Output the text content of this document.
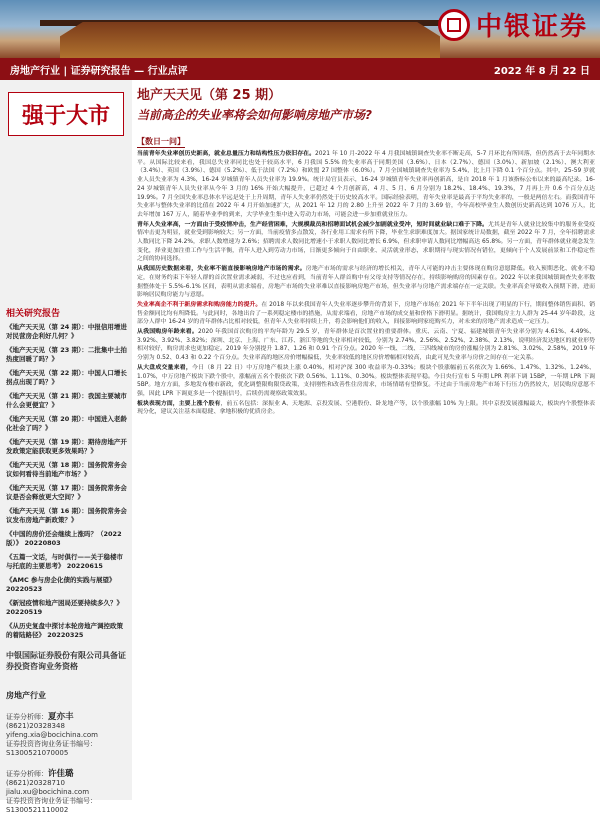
中银证券
房地产行业 | 证券研究报告 — 行业点评	2022 年 8 月 22 日
强于大市
相关研究报告
《地产天天见（第 24 期）：中报信用增进对民营房企利好几何？》
《地产天天见（第 23 期）：二批集中土拍热度回暖了吗？》
《地产天天见（第 22 期）：中国人口增长拐点出现了吗？》
《地产天天见（第 21 期）：我国主要城市什么会更便宜？》
《地产天天见（第 20 期）：中国进入老龄化社会了吗？》
《地产天天见（第 19 期）：期待房地产开发政策定能获取更多效果吗？》
《地产天天见（第 18 期）：国务院常务会议如何看待当前地产市场？》
《地产天天见（第 17 期）：国务院常务会议是否会释放更大空间？》
《地产天天见（第 16 期）：国务院常务会议发布房地产新政策？》
《中国的房价还会继续上涨吗？（2022 版）》 20220803
《五篇一文话，与时俱行——关于稳楼市与托底的主要思考》 20220615
《AMC 参与房企化债的实践与展望》 20220523
《新冠疫情和地产困局还要持续多久？》 20220519
《从历史复盘中探讨本轮房地产调控政策的着陆路径》 20220325
中银国际证券股份有限公司具备证券投资咨询业务资格
房地产行业
证券分析师：夏亦丰
(8621)20328348
yifeng.xia@bocichina.com
证券投资咨询业务证书编号：S1300521070005
证券分析师：许佳璐
(8621)20328710
jialu.xu@bocichina.com
证券投资咨询业务证书编号：S1300521110002
地产天天见（第 25 期）
当前高企的失业率将会如何影响房地产市场?
【数日一问】

当前青年失业率创历史新高，就业总量压力和结构性压力依旧存在。2021 年 10 月-2022 年 4 月我国城镇调查失业率不断走高，5-7 月环比有所回落，但仍然高于去年同期水平。从国际比较来看，我国总失业率同比也处于较高水平，6 月我国 5.5% 的失业率高于同期美国（3.6%）、日本（2.7%）、德国（3.0%）、新加坡（2.1%）、澳大利亚（3.4%）、英国（3.9%）、德国（5.2%）、低于法国（7.2%）和欧盟 27 国整体（6.0%）。7 月全国城镇调查失业率为 5.4%，比上月下降 0.1 个百分点。其中，25-59 岁就业人员失业率为 4.3%，16-24 岁城镇青年人员失业率为 19.9%。统计局官员表示，16-24 岁城镇青年失业率再创新高，是自 2018 年 1 月该指标公布以来的最高纪录。16-24 岁城镇青年人员失业率从今年 3 月的 16% 开始大幅提升，已超过 4 个月创新高，4 月、5 月、6 月分别为 18.2%、18.4%、19.3%，7 月再上升 0.6 个百分点达 19.9%。7 月全国失业率总体水平远是处于上升周期，青年人失业率仍然处于历史较高水平。国际经验表明，青年失业率是最高于平均失业率的，一般是两倍左右。而我国青年失业率与整体失业率的比值在 2022 年 4 月开始加速扩大，从 2021 年 12 月的 2.80 上升至 2022 年 7 月的 3.69 倍，今年高校毕业生人数创历史新高达到 1076 万人，比去年增加 167 万人，随着毕业季的到来，大学毕业生集中进入劳动力市场，可能会进一步加重就业压力。

青年人失业率高，一方面由于受疫情冲击，生产经营困难，大规模裁员和招聘面试机会减少加剧就业受冲，短时间就业缺口难于下降。尤其是青年人就业比较集中的服务业受疫情冲击更为明显，就业受到影响较大；另一方面，当前疫情多点散发，各行业用工需求有所下降，毕业生求职难度加大。据国家统计局数据，截至 2022 年 7 月，全年招聘需求人数同比下降 24.2%，求职人数增速为 2.6%；招聘需求人数同比增速小于求职人数同比增长 6.9%，但求职申请人数同比增幅高达 65.8%。另一方面，青年群体就业观念发生变化，择业更加注重工作与生活平衡，青年人进入到劳动力市场，日渐更多倾向于自由职业、灵活就业形态，求职期待与现实情况有错位，更倾向于个人发展前景和工作稳定性之间的协同选择。

从我国历史数据来看，失业率不能直接影响房地产市场的需求。房地产市场的需求与经济的增长相关，青年人可能的冲击主要体现在购房意愿降低。收入预期恶化、就业不稳定，在财务约束下年轻人群的首次置业需求减弱，不过也应看到，当前青年人群首购中有父母支持等情况存在，持续影响购房的因素存在。2022 年以来我国城镇调查失业率数据整体处于 5.5%-6.1% 区间，表明从需求端看，房地产市场的失业率难以直接影响房地产市场，但失业率与房地产需求端存在一定关联。失业率高企导致收入预期下滑，进而影响居民购房能力与意愿。

失业率高企不利于新房需求和购房能力的提升。在 2018 年以来我国青年人失业率逐步攀升的背景下，房地产市场在 2021 年下半年出现了明显的下行，期间整体销售面积、销售金额同比均有所降低。与此同时，各地出台了一系列稳定楼市的措施，从需求端看，房地产市场的成交量和价格下滑明显。据统计，我国购房主力人群为 25-44 岁年龄段，这部分人群中 16-24 岁的青年群体占比相对较低，但青年人失业率持续上升，将会影响他们的收入，间接影响到家庭购买力，对未来的房地产需求造成一定压力。

从我国购房年龄来看。2020 年我国首次购房的平均年龄为 29.5 岁，青年群体是首次置业的重要群体。重庆、云南、宁夏、福建城镇青年失业率分别为 4.61%、4.49%、3.92%、3.92%、3.82%；深圳、北京、上海、广东、江苏、浙江等地的失业率相对较低，分别为 2.74%、2.56%、2.52%、2.38%、2.13%，说明经济发达地区的就业形势相对较好，购房需求也更加稳定。2019 年分别提升 1.87、1.26 和 0.91 个百分点。2020 年一线、二线、三四线城市的房价涨幅分别为 2.81%、3.02%、2.58%，2019 年分别为 0.52、0.43 和 0.22 个百分点。失业率高的地区房价增幅偏低，失业率较低的地区房价增幅相对较高，由此可见失业率与房价之间存在一定关系。

从大盘成交量来看，今日（8 月 22 日）中万房地产板块上涨 0.40%，相对沪深 300 收益率为-0.33%；板块个股涨幅前五名依次为 1.66%、1.47%、1.32%、1.24%、1.07%，中万房地产板块下跌个股中，涨幅前五名个股依次下跌 0.56%、1.11%、0.30%。板块整体表现平稳。今日央行宣布 5 年期 LPR 利率下调 15BP，一年期 LPR 下调 5BP。地方方面，多地发布楼市新政，优化调整限购限贷政策，支持刚性和改善性住房需求，市场情绪有望修复。不过由于当前房地产市场下行压力仍然较大，居民购房意愿不强，因此 LPR 下调更多是一个提振信号，后续仍需观察政策效果。

板块表现方面，主要上涨个股有，前五名包括：深振业 A、天地源、京投发展、空港股份、卧龙地产等，以个股涨幅 10% 为上限。其中京投发展涨幅最大，板块内个股整体表现分化，建议关注基本面稳健、拿地积极的优质房企。
